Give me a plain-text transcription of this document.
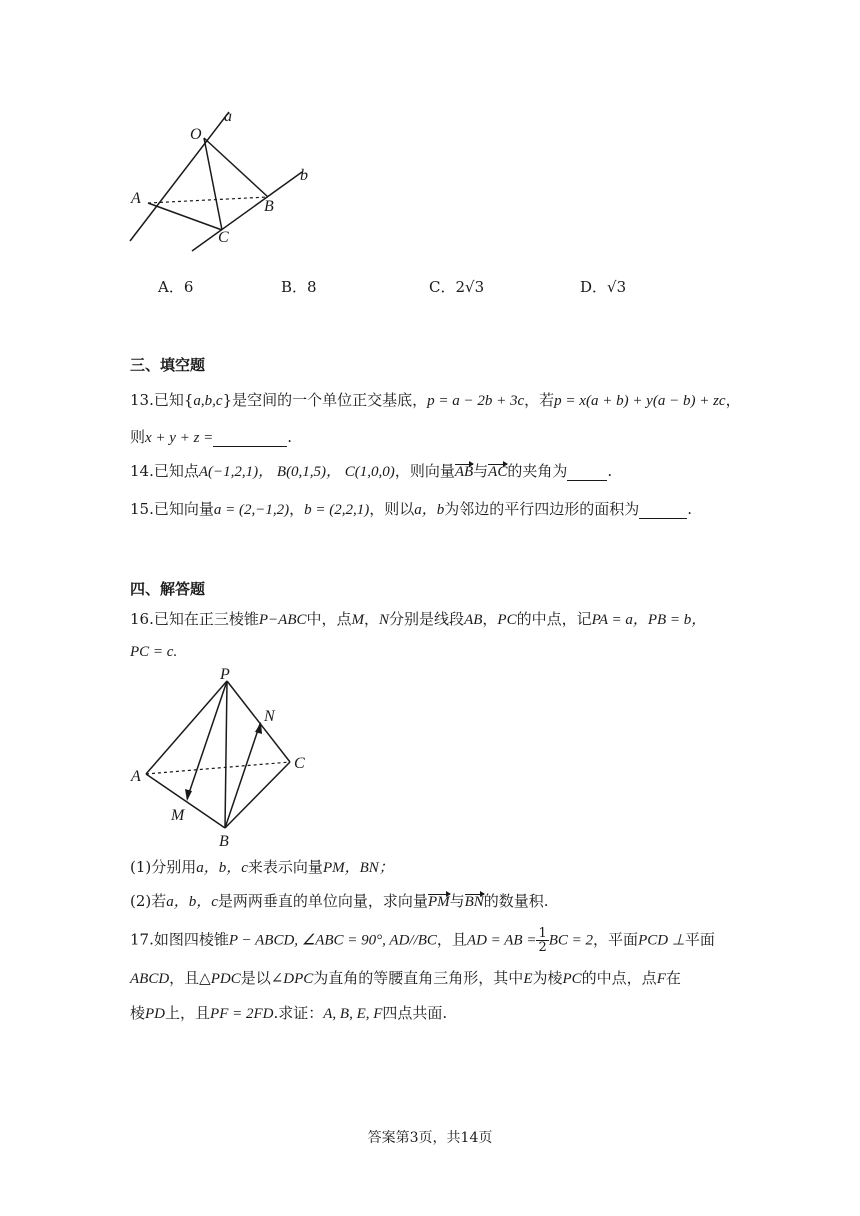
O
a
b
A	B
C
A．6	B．8	C．2√3	D．√3
三、填空题
13.已知{a,b,c}是空间的一个单位正交基底，p = a − 2b + 3c，若p = x(a + b) + y(a − b) + zc，
则x + y + z =	.
14.已知点A(−1,2,1)， B(0,1,5)， C(1,0,0)，则向量AB与AC的夹角为	.
15.已知向量a = (2,−1,2)，b = (2,2,1)，则以a，b为邻边的平行四边形的面积为	.
四、解答题
16.已知在正三棱锥P−ABC中，点M，N分别是线段AB，PC的中点，记PA = a，PB = b，
PC = c.
P
N
A
C
M
B
(1)分别用a，b，c来表示向量PM，BN；
(2)若a，b，c是两两垂直的单位向量，求向量PM与BN的数量积.
17.如图四棱锥P − ABCD, ∠ABC = 90°, AD//BC，且AD = AB = $\frac{1}{2}$ BC = 2，平面PCD ⊥平面
ABCD，且△PDC是以∠DPC为直角的等腰直角三角形，其中E为棱PC的中点，点F在
棱PD上，且PF = 2FD.求证：A, B, E, F四点共面.
答案第3页，共14页
